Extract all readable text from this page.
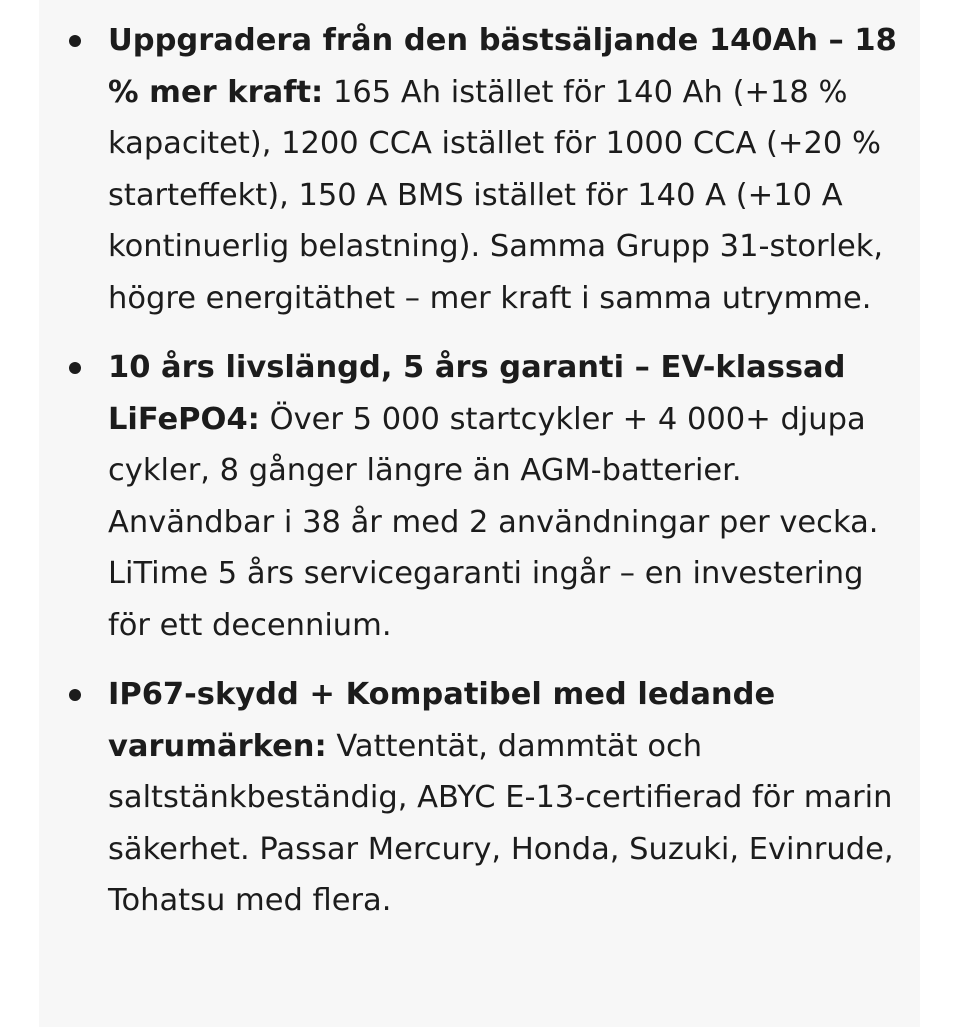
Uppgradera från den bästsäljande 140Ah – 18 % mer kraft: 165 Ah istället för 140 Ah (+18 % kapacitet), 1200 CCA istället för 1000 CCA (+20 % starteffekt), 150 A BMS istället för 140 A (+10 A kontinuerlig belastning). Samma Grupp 31-storlek, högre energitäthet – mer kraft i samma utrymme.
10 års livslängd, 5 års garanti – EV-klassad LiFePO4: Över 5 000 startcykler + 4 000+ djupa cykler, 8 gånger längre än AGM-batterier. Användbar i 38 år med 2 användningar per vecka. LiTime 5 års servicegaranti ingår – en investering för ett decennium.
IP67-skydd + Kompatibel med ledande varumärken: Vattentät, dammtät och saltstänkbeständig, ABYC E-13-certifierad för marin säkerhet. Passar Mercury, Honda, Suzuki, Evinrude, Tohatsu med flera.
